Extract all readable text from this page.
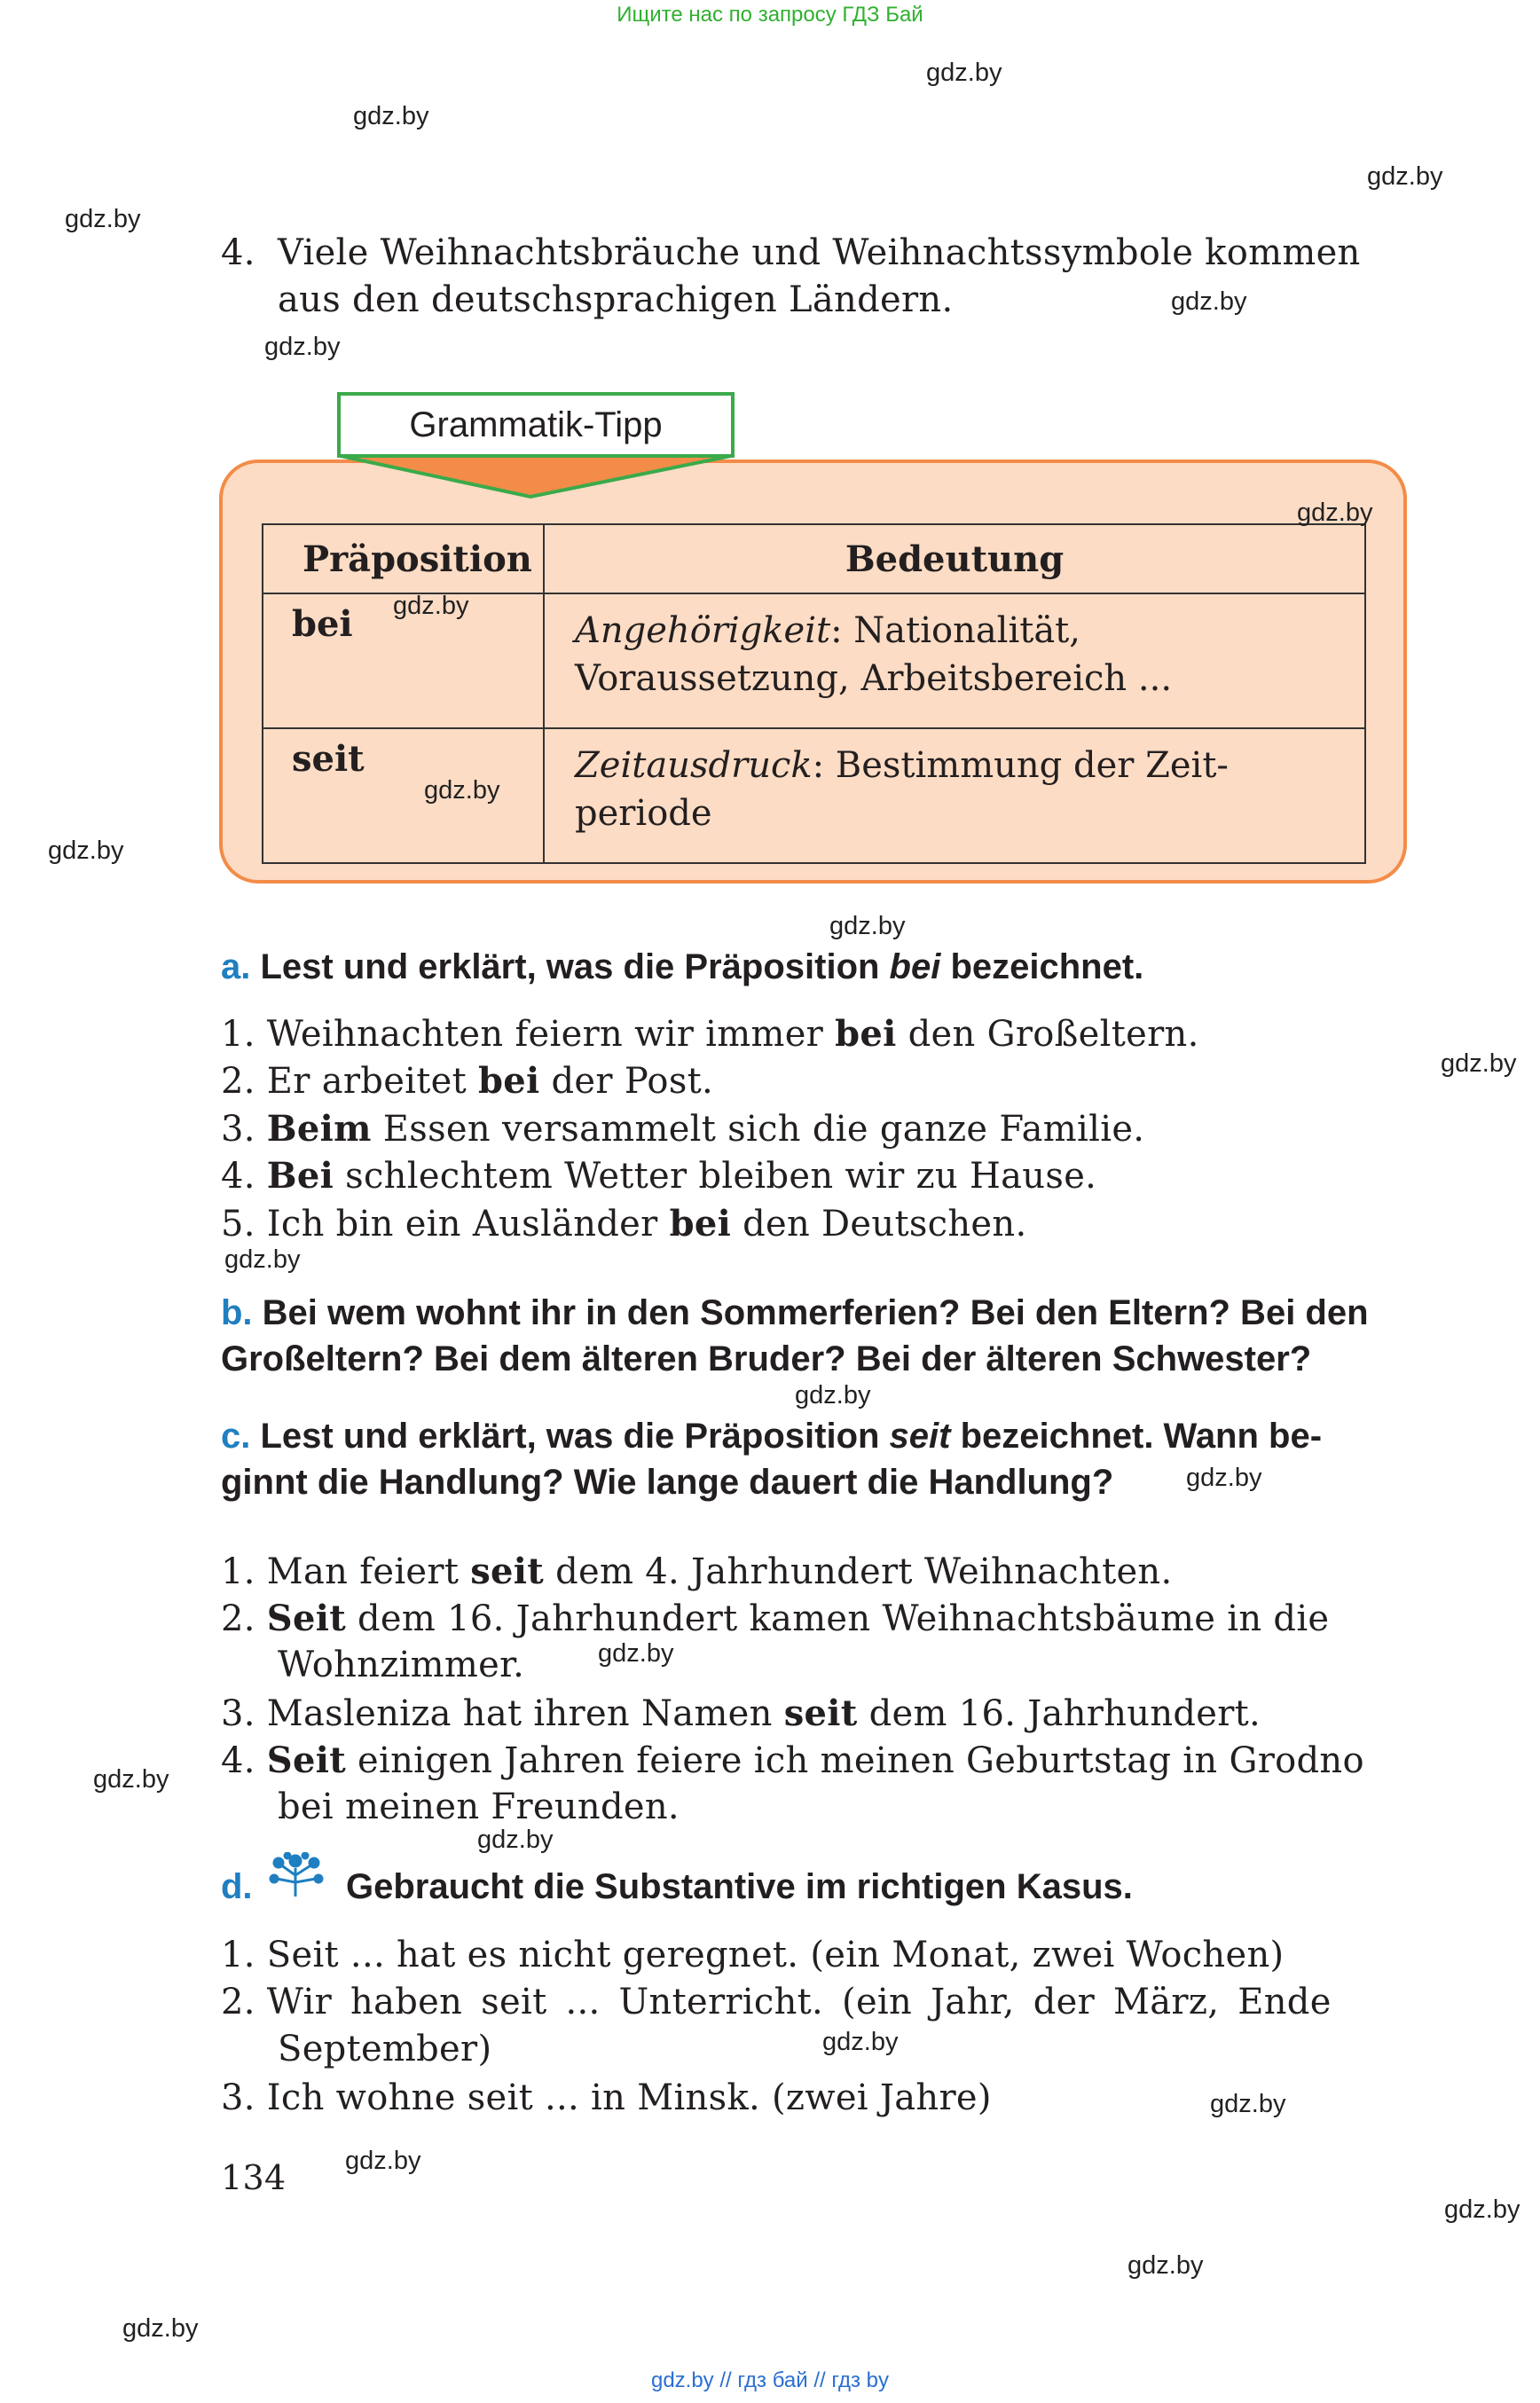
Ищите нас по запросу ГДЗ Бай
gdz.by
gdz.by
gdz.by
gdz.by
gdz.by
gdz.by
gdz.by
gdz.by
gdz.by
gdz.by
gdz.by
gdz.by
gdz.by
gdz.by
gdz.by
gdz.by
gdz.by
gdz.by
gdz.by
gdz.by
gdz.by
4. Viele Weihnachtsbräuche und Weihnachtssymbole kommen
aus den deutschsprachigen Ländern.
Grammatik-Tipp
Präposition	Bedeutung
bei	Angehörigkeit: Nationalität,
Voraussetzung, Arbeitsbereich ...
seit	Zeitausdruck: Bestimmung der Zeit-
periode
gdz.by
gdz.by
gdz.by
a. Lest und erklärt, was die Präposition bei bezeichnet.
1. Weihnachten feiern wir immer bei den Großeltern.
2. Er arbeitet bei der Post.
3. Beim Essen versammelt sich die ganze Familie.
4. Bei schlechtem Wetter bleiben wir zu Hause.
5. Ich bin ein Ausländer bei den Deutschen.
b. Bei wem wohnt ihr in den Sommerferien? Bei den Eltern? Bei den
Großeltern? Bei dem älteren Bruder? Bei der älteren Schwester?
c. Lest und erklärt, was die Präposition seit bezeichnet. Wann be-
ginnt die Handlung? Wie lange dauert die Handlung?
1. Man feiert seit dem 4. Jahrhundert Weihnachten.
2. Seit dem 16. Jahrhundert kamen Weihnachtsbäume in die
Wohnzimmer.
3. Masleniza hat ihren Namen seit dem 16. Jahrhundert.
4. Seit einigen Jahren feiere ich meinen Geburtstag in Grodno
bei meinen Freunden.
d.	Gebraucht die Substantive im richtigen Kasus.
1. Seit ... hat es nicht geregnet. (ein Monat, zwei Wochen)
2. Wir haben seit ... Unterricht. (ein Jahr, der März, Ende
September)
3. Ich wohne seit ... in Minsk. (zwei Jahre)
134
gdz.by // гдз бай // гдз by
